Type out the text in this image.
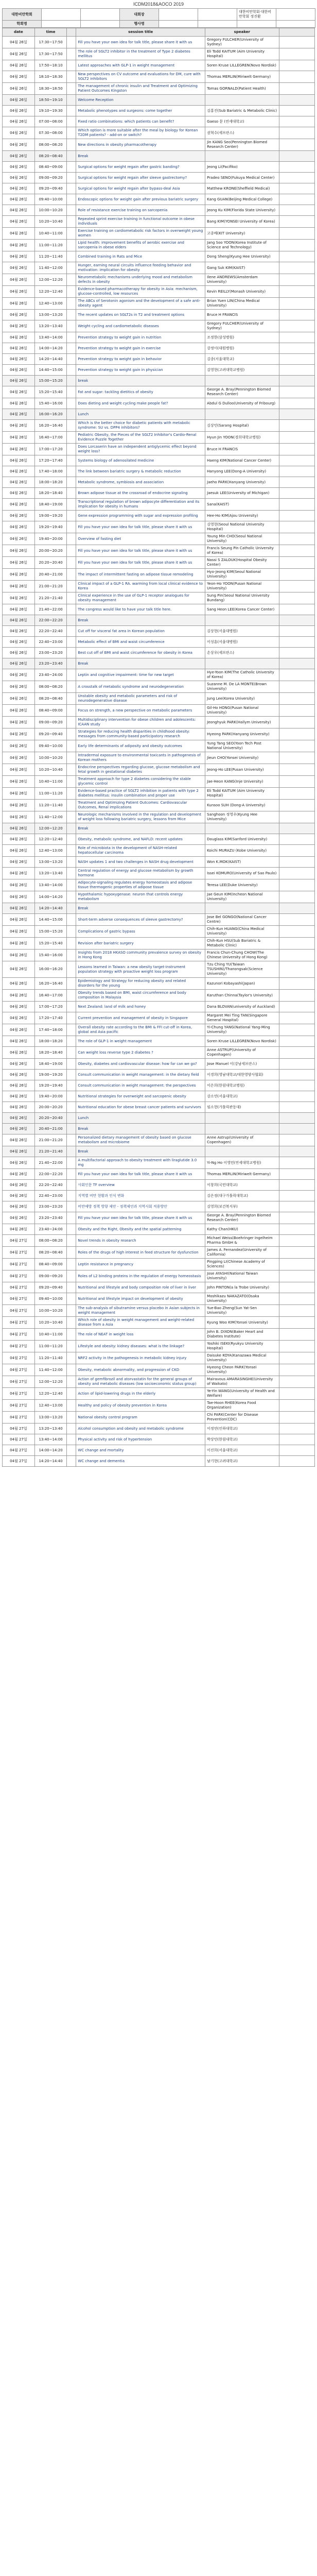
ICDM2018&AOCO 2019
대한비만학회			대회장			대한비만학회·대한비만학회 정진환	
학회명			행사명				
date	time		session title	speaker	
04월 26일	17:30~17:50		Fill you have your own idea for talk title, please share it with us	Gregory FULCHER(University of Sydney)	
04월 26일	17:30~17:50		The role of SGLT2 inhibitor in the treatment of Type 2 diabetes mellitus	Eli Todd KAITUM (Aim University Hospital)	
04월 26일	17:50~18:10		Latest approaches with GLP-1 in weight management	Soren Kruse LILLEGREN(Novo Nordisk)	
04월 26일	18:10~18:30		New perspectives on CV outcome and evaluations for DM, cure with SGLT2 inhibitors	Thomas MERLIN(Miriwelt Germany)	
04월 26일	18:30~18:50		The management of chronic insulin and Treatment and Optimizing Patient Outcomes Kingston	Tomas GORNALD(Patient Health)	
04월 26일	18:50~19:10		Welcome Reception		
04월 26일	19:10~19:30		Metabolic phenotypes and surgeons: come together	김홍진(Sub Bariatric & Metabolic Clinic)	
04월 26일	07:00~08:00		Fixed ratio combinations: which patients can benefit?	Gaeso 문 (연세대학교)	
04월 26일	07:30~08:00		Which option is more suitable after the meal by biology for Korean T2DM patients? - add-on or switch?	권혁수(세브란스)	
04월 26일	08:00~08:20		New directions in obesity pharmacotherapy	Jin KANG Seo(Pennington Biomed Research Center)	
04월 26일	08:20~08:40		Break		
04월 26일	08:40~09:00		Surgical options for weight regain after gastric banding?	Jeong Li(Pacifiko)	
04월 26일	09:00~09:20		Surgical options for weight regain after sleeve gastrectomy?	Pradeo SENO(Fukuya Medical Center)	
04월 26일	09:20~09:40		Surgical options for weight regain after bypass-deal Asia	Matthew KRONE(Sheffield Medical)	
04월 26일	09:40~10:00		Endoscopic options for weight gain after previous bariatric surgery	Kang GUAN(Beijing Medical College)	
04월 26일	10:00~10:20		Role of resistance exercise training on sarcopenia	Jeong Ku KIM(Florida State University)	
04월 26일	10:20~10:40		Repeated sprint exercise training in functional outcome in obese individuals	Bang KIM(YONSEI University of Korea)	
04월 26일	10:40~11:00		Exercise training on cardiometabolic risk factors in overweight young women	고종배(KIT University)	
04월 26일	11:00~11:20		Lipid health: improvement benefits of aerobic exercise and sarcopenia in obese elders	Jang Soo YOON(Korea Institute of Science and Technology)	
04월 26일	11:20~11:40		Combined training in Rats and Mice	Dong Sheng(Kyung Hee University)	
04월 26일	11:40~12:00		Hunger, earning neural circuits influence feeding behavior and motivation: implication for obesity	Gang Suk KIM(KAIST)	
04월 26일	12:00~12:20		Neurometabolic mechanisms underlying mood and metabolism defects in obesity	Ilene ANDREWS(Amsterdam University)	
04월 26일	12:20~12:40		Evidence-based pharmacotherapy for obesity in Asia: mechanism, glucose-controlled, low resources	Kevin REILLY(Monash University)	
04월 26일	12:40~13:00		The ABCs of Serotonin agonism and the development of a safe anti-obesity agent	Brian Yuen LIN(China Medical University)	
04월 26일	13:00~13:20		The recent updates on SGLT2s in T2 and treatment options	Bruce H FRANCIS	
04월 26일	13:20~13:40		Weight cycling and cardiometabolic diseases	Gregory FULCHER(University of Sydney)	
04월 26일	13:40~14:00		Prevention strategy to weight gain in nutrition	조정한(삼성병원)	
04월 26일	14:00~14:20		Prevention strategy to weight gain in exercise	강정이(대원병원)	
04월 26일	14:20~14:40		Prevention strategy to weight gain in behavior	김종(서울대학교)	
04월 26일	14:40~15:00		Prevention strategy to weight gain in physician	김영현(고려대학교병원)	
04월 26일	15:00~15:20		break		
04월 26일	15:20~15:40		Fat and sugar: tackling dietitics of obesity	George A. Bray(Pennington Biomed Research Center)	
04월 26일	15:40~16:00		Does dieting and weight cycling make people fat?	Abdul G Dulloo(University of Fribourg)	
04월 26일	16:00~16:20		Lunch		
04월 26일	16:20~16:40		Which is the better choice for diabetic patients with metabolic syndrome: SU vs. DPP4 inhibitors?	김상민(Sarang Hospital)	
04월 26일	16:40~17:00		Pediatric Obesity, the Pieces of the SGLT2 Inhibitor's Cardio-Renal Evidence Puzzle Together	Hyun Jin YOON(경희대학교병원)	
04월 26일	17:00~17:20		Does Lorcaserin have an independent antiglycemic effect beyond weight loss?	Bruce H FRANCIS	
04월 26일	17:20~17:40		Systems biology of adenosilated medicine	Haeng KIM(National Cancer Center)	
04월 26일	17:40~18:00		The link between bariatric surgery & metabolic reduction	Hanyong LEE(Dong-A University)	
04월 26일	18:00~18:20		Metabolic syndrome, symbiosis and association	Jaeho PARK(Hanyang University)	
04월 26일	18:20~18:40		Brown adipose tissue at the crossroad of endocrine signaling	Jaesuk LEE(University of Michigan)	
04월 26일	18:40~19:00		Transcriptional regulation of brown adipocyte differentiation and its implication for obesity in humans	Sana(KAIST)	
04월 26일	19:00~19:20		Gene expression programming with sugar and expression profiling	Hee-Ho KIM(Ajou University)	
04월 26일	19:20~19:40		Fill you have your own idea for talk title, please share it with us	김영현(Seoul National University Hospital)	
04월 26일	19:40~20:00		Overview of fasting diet	Young Min CHO(Seoul National University)	
04월 26일	20:00~20:20		Fill you have your own idea for talk title, please share it with us	Francis Seung Pin Catholic University of Korea)	
04월 26일	20:20~20:40		Fill you have your own idea for talk title, please share it with us	Nassi S ZALOUK(Hospital Obesity Center)	
04월 26일	20:40~21:00		The impact of intermittent fasting on adipose tissue remodeling	Hyo-Jeong KIM(Seoul National University)	
04월 26일	21:00~21:20		Clinical impact of a GLP-1 RA. warming from local clinical evidence to Korea	Yeon-Ho YOON(Pusan National University)	
04월 26일	21:20~21:40		Clinical experience in the use of GLP-1 receptor analogues for obesity management	Sung Pin(Seoul National University Bundang)	
04월 26일	21:40~22:00		The congress would like to have your talk title here.	Sang Heon LEE(Korea Cancer Center)	
04월 26일	22:00~22:20		Break		
04월 26일	22:20~22:40		Cut off for visceral fat area in Korean population	김상현(서울대병원)	
04월 26일	22:40~23:00		Metabolic effect of BMI and waist circumference	이성훈(서울대병원)	
04월 26일	23:00~23:20		Best cut off of BMI and waist circumference for obesity in Korea	손상우(세브란스)	
04월 26일	23:20~23:40		Break		
04월 26일	23:40~24:00		Leptin and cognitive impairment: time for new target	Hye-Yoon KIM(The Catholic University of Korea)	
04월 26일	08:00~08:20		A crosstalk of metabolic syndrome and neurodegeneration	Suzanne M. De LA MONTE(Brown University)	
04월 26일	08:20~08:40		Unstable obesity and metabolic parameters and risk of neurodegenerative disease	Jung Lee(Korea University)	
04월 26일	08:40~09:00		Focus on strength, a new perspective on metabolic parameters	Gil-Ho HONG(Pusan National University)	
04월 26일	09:00~09:20		Multidisciplinary intervention for obese children and adolescents: ICAAN study	Jeonghyuk PARK(Hallym University)	
04월 26일	09:20~09:40		Strategies for reducing health disparities in childhood obesity: messages from community-based participatory research	Hyeong PARK(Hanyang University)	
04월 26일	09:40~10:00		Early life determinants of adiposity and obesity outcomes	Yung Tang SEO(Yoon Tech Post National University)	
04월 26일	10:00~10:20		Intradermal exposure to environmental toxicants in pathogenesis of Korean mothers	Jieun CHO(Yonsei University)	
04월 26일	10:20~10:40		Endocrine perspectives regarding glucose, glucose metabolism and fetal growth in gestational diabetes	Jeong-Ho LEE(Pusan University)	
04월 26일	10:40~11:00		Treatment approach for type 2 diabetes considering the stable glycemic control	Jae-Heon KANG(Inje University)	
04월 26일	11:00~11:20		Evidence-based practice of SGLT2 inhibition in patients with type 2 diabetes mellitus: insulin combination and proper use	Eli Todd KAITUM (Aim University Hospital)	
04월 26일	11:20~11:40		Treatment and Optimizing Patient Outcomes: Cardiovascular Outcomes, Renal implications	Kunsoo SUH (Dong-A University)	
04월 26일	11:40~12:00		Neurologic mechanisms involved in the regulation and development of weight loss following bariatric surgery, lessons from Mice	Sanghoon 정영우(Kyung Hee University)	
04월 26일	12:00~12:20		Break		
04월 26일	12:20~12:40		Obesity, metabolic syndrome, and NAFLD: recent updates	Douglass KIM(Sanford University)	
04월 26일	12:40~13:00		Role of microbiota in the development of NASH-related hepatocellular carcinoma	Koichi MURAZU (Kobe University)	
04월 26일	13:00~13:20		NASH updates 1 and two challenges in NASH drug development	Won K.MOK(KAIST)	
04월 26일	13:20~13:40		Central regulation of energy and glucose metabolism by growth hormone	Issei KOMURO(University of Sao Paulo)	
04월 26일	13:40~14:00		Adipocyte-signaling regulates energy homeostasis and adipose tissue thermogenic properties of adipose tissue	Teresa LEE(Duke University)	
04월 26일	14:00~14:20		Hypothalamic hypoxygenase: neuron that controls energy metabolism	Jae Geun KIM(Incheon National University)	
04월 26일	14:20~14:40		Break		
04월 26일	14:40~15:00		Short-term adverse consequences of sleeve gastrectomy?	Jose Bel GONGO(National Cancer Centre)	
04월 26일	15:00~15:20		Complications of gastric bypass	Chih-Kun HUANG(China Medical University)	
04월 26일	15:20~15:40		Revision after bariatric surgery	Chih-Kun HSU(Sub Bariatric & Metabolic Clinic)	
04월 26일	15:40~16:00		Insights from 2018 HKASO community prevalence survey on obesity in Hong Kong	Francis Chun-Chung CHOW(The Chinese University of Hong Kong)	
04월 26일	16:00~16:20		Lessons learned in Taiwan: a new obesity target-instrument population strategy with proactive weight loss program	Tzu Ching YU(Taiwan TSUSHIN)/Thanongsak(Science University)	
04월 26일	16:20~16:40		Epidemiology and Strategy for reducing obesity and related disorders for the young	Kazunori Kobayashi(Japan)	
04월 26일	16:40~17:00		Obesity trends based on BMI, waist circumference and body composition in Malaysia	Karuthan Chinna(Taylor's University)	
04월 26일	17:00~17:20		Next Zealand: land of milk and honey	Dana BLOVAN(university of Auckland)	
04월 26일	17:20~17:40		Current prevention and management of obesity in Singapore	Margaret Mei Ting TAN(Singapore General Hospital)	
04월 26일	17:40~18:00		Overall obesity rate according to the BMI & FFI cut-off in Korea, global and Asia pacific	Yi-Chung YANG(National Yang-Ming University)	
04월 26일	18:00~18:20		The role of GLP-1 in weight management	Soren Kruse LILLEGREN(Novo Nordisk)	
04월 26일	18:20~18:40		Can weight loss reverse type 2 diabetes ?	Anne ASTRUP(University of Copenhagen)	
04월 26일	18:40~19:00		Obesity, diabetes and cardiovascular disease: how far can we go?	Jose Manuel 이(강남세브란스)	
04월 26일	19:00~19:20		Consult communication in weight management: in the dietary field	이경희(영남대학교/대한영양사협회)	
04월 26일	19:20~19:40		Consult communication in weight management: the perspectives	이은희(한림대학교병원)	
04월 26일	19:40~20:00		Nutritional strategies for overweight and sarcopenic obesity	강소연(서울대학교)	
04월 26일	20:00~20:20		Nutritional education for obese breast cancer patients and survivors	임소현(가톨릭관동대)	
04월 26일	20:20~20:40		Lunch		
04월 26일	20:40~21:00		Break		
04월 26일	21:00~21:20		Personalized dietary management of obesity based on glucose metabolism and microbiome	Anne Astrup(University of Copenhagen)	
04월 26일	21:20~21:40		Break		
04월 26일	21:40~22:00		A multifactorial approach to obesity treatment with liraglutide 3.0 mg	Yi-Ng Ho 이영민(연세대학교병원)	
04월 26일	22:00~22:20		Fill you have your own idea for talk title, please share it with us	Thomas MERLIN(Miriwelt Germany)	
04월 26일	22:20~22:40		사회인문 TF overview	이창희(국민대학교)	
04월 26일	22:40~23:00		지역별 비만 현황과 인식 변화	김은정(대구가톨릭대학교)	
04월 26일	23:00~23:20		비만예방 정책 방향 제안 - 정책제언과 지역사회 적용방안	김영희(보건복지부)	
04월 26일	23:20~23:40		Fill you have your own idea for talk title, please share it with us	George A. Bray(Pennington Biomed Research Center)	
04월 26일	23:40~24:00		Obesity and the Right, Obesity and the spatial patterning	Kathy Chan(HKU)	
04월 27일	08:00~08:20		Novel trends in obesity research	Michael Weiss(Boehringer Ingelheim Pharma GmbH &	
04월 27일	08:20~08:40		Roles of the drugs of high interest in feed structure for dysfunction	James A. Fernandez(University of California)	
04월 27일	08:40~09:00		Leptin resistance in pregnancy	Pingping LI(Chinese Academy of Sciences)	
04월 27일	09:00~09:20		Roles of L2 binding proteins in the regulation of energy homeostasis	Jose AYASHI(National Taiwan University)	
04월 27일	09:20~09:40		Nutritional and lifestyle and body composition role of liver in liver	John PINTON(a la Trobe University)	
04월 27일	09:40~10:00		Nutritional and lifestyle impact on development of obesity	Moshikazu NAKAZATO(Osaka University)	
04월 27일	10:00~10:20		The sub-analysis of sibutramine versus placebo in Asian subjects in weight management	Yue-Bao Zheng(Sun Yat-Sen University)	
04월 27일	10:20~10:40		Which role of obesity in weight management and weight-related disease from a Asia	Kyung Woo KIM(Yonsei University)	
04월 27일	10:40~11:00		The role of NEAT in weight loss	John B. DIXON(Baker Heart and Diabetes Institute)	
04월 27일	11:00~11:20		Lifestyle and obesity: kidney diseases: what is the linkage?	Yoshiki ISEKI(Ryukyu University Hospital)	
04월 27일	11:20~11:40		NRF2 activity in the pathogenesis in metabolic kidney injury	Daisuke KOYA(Kanazawa Medical University)	
04월 27일	11:40~12:00		Obesity, metabolic abnormality, and progression of CKD	Hyeong Cheon PARK(Yonsei University)	
04월 27일	12:00~12:20		Action of gemfibrozil and atorvastatin for the general groups of obesity and metabolic diseases (low socioeconomic status group)	Mairavous AMARASINGHE(University of Waikato)	
04월 27일	12:20~12:40		Action of lipid-lowering drugs in the elderly	Ye-Yin WANG(University of Health and Welfare)	
04월 27일	12:40~13:00		Healthy and policy of obesity prevention in Korea	Tae-Hoon RHEE(Korea Food Organization)	
04월 27일	13:00~13:20		National obesity control program	Chi PARK(Center for Disease Prevention(CDC)	
04월 27일	13:20~13:40		Alcohol consumption and obesity and metabolic syndrome	이정연(인하대학교)	
04월 27일	13:40~14:00		Physical activity and risk of hypertension	박상민(한림대학교)	
04월 27일	14:00~14:20		WC change and mortality	이진희(서울대학교)	
04월 27일	14:20~14:40		WC change and dementia	남기현(고려대학교)	
